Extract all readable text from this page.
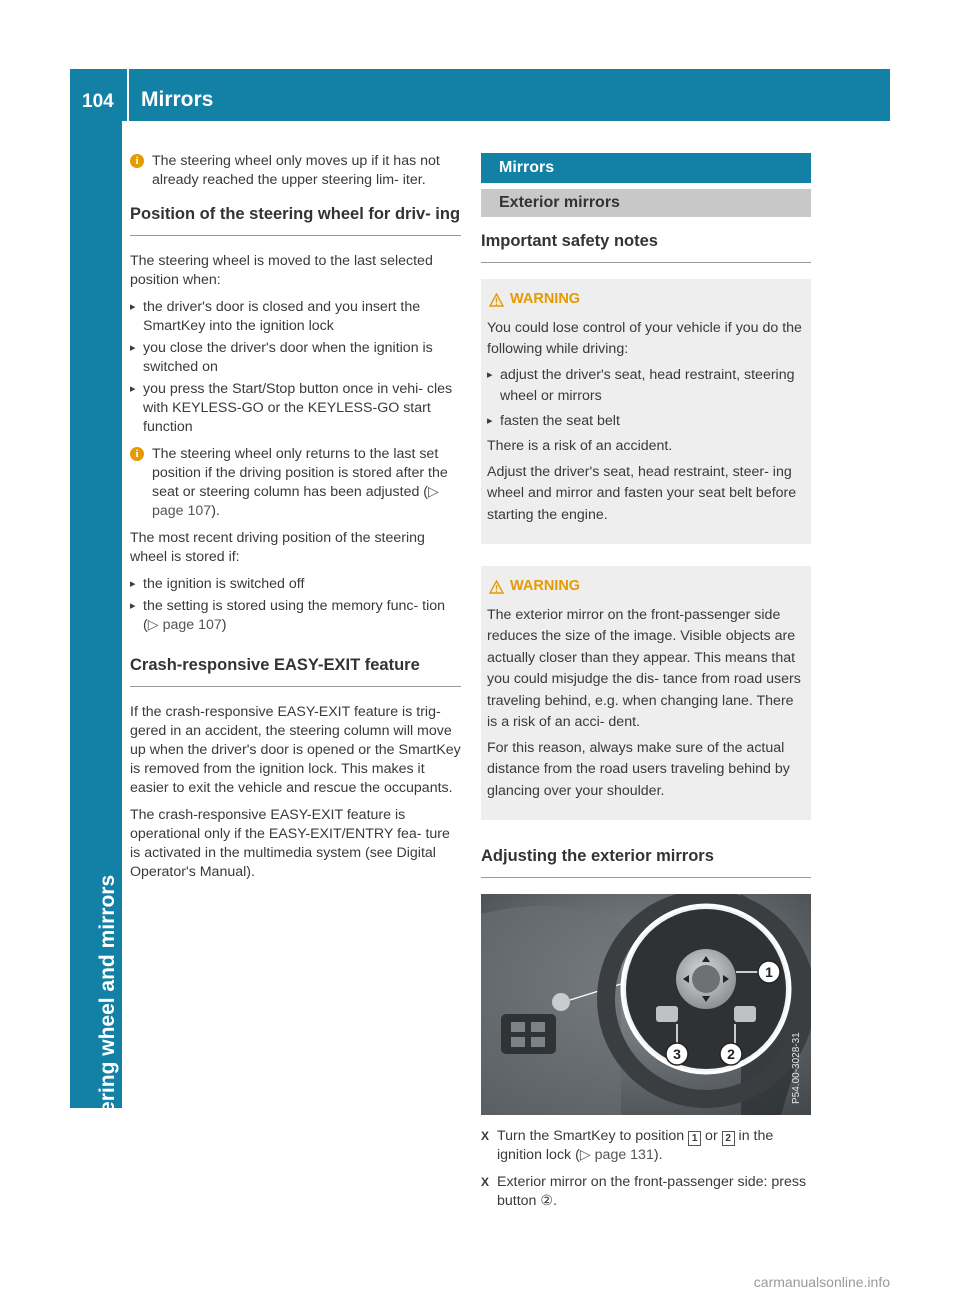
104 Mirrors
Seats, steering wheel and mirrors
i The steering wheel only moves up if it has not already reached the upper steering lim- iter.
Position of the steering wheel for driv- ing

The steering wheel is moved to the last selected position when:

▸ the driver's door is closed and you insert the SmartKey into the ignition lock
▸ you close the driver's door when the ignition is switched on
▸ you press the Start/Stop button once in vehi- cles with KEYLESS-GO or the KEYLESS-GO start function
i The steering wheel only returns to the last set position if the driving position is stored after the seat or steering column has been adjusted (▷ page 107).

The most recent driving position of the steering wheel is stored if:

▸ the ignition is switched off
▸ the setting is stored using the memory func- tion (▷ page 107)
Crash-responsive EASY-EXIT feature

If the crash-responsive EASY-EXIT feature is trig- gered in an accident, the steering column will move up when the driver's door is opened or the SmartKey is removed from the ignition lock. This makes it easier to exit the vehicle and rescue the occupants.

The crash-responsive EASY-EXIT feature is operational only if the EASY-EXIT/ENTRY fea- ture is activated in the multimedia system (see Digital Operator's Manual).

Mirrors
Exterior mirrors
Important safety notes
WARNING

You could lose control of your vehicle if you do the following while driving:

▸ adjust the driver's seat, head restraint, steering wheel or mirrors
▸ fasten the seat belt

There is a risk of an accident.

Adjust the driver's seat, head restraint, steer- ing wheel and mirror and fasten your seat belt before starting the engine.

WARNING

The exterior mirror on the front-passenger side reduces the size of the image. Visible objects are actually closer than they appear. This means that you could misjudge the dis- tance from road users traveling behind, e.g. when changing lane. There is a risk of an acci- dent.

For this reason, always make sure of the actual distance from the road users traveling behind by glancing over your shoulder.

Adjusting the exterior mirrors
1
3	2	P54.00-3028-31
X Turn the SmartKey to position 1 or 2 in the ignition lock (▷ page 131).
X Exterior mirror on the front-passenger side: press button ②.
carmanualsonline.info
